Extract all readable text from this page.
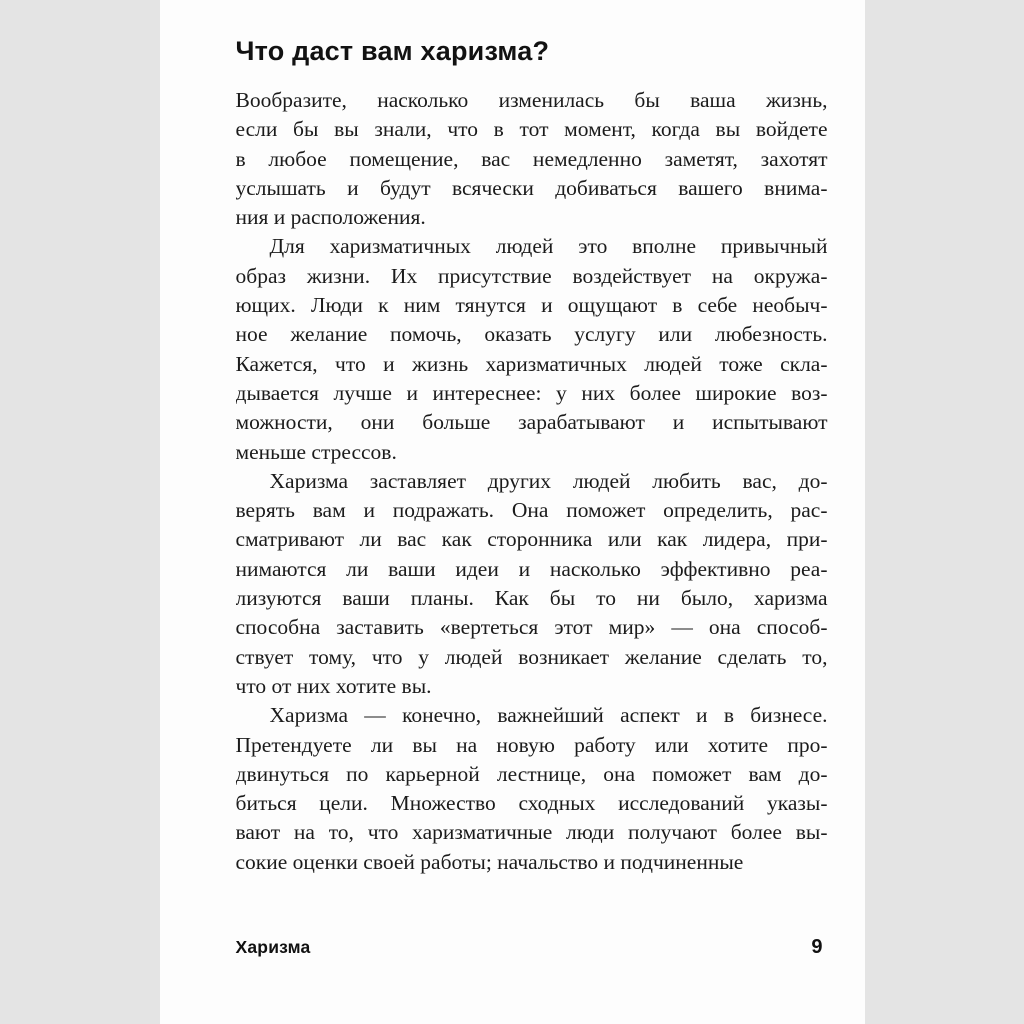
Что даст вам харизма?
Вообразите, насколько изменилась бы ваша жизнь,
если бы вы знали, что в тот момент, когда вы войдете
в любое помещение, вас немедленно заметят, захотят
услышать и будут всячески добиваться вашего внима-
ния и расположения.
Для харизматичных людей это вполне привычный
образ жизни. Их присутствие воздействует на окружа-
ющих. Люди к ним тянутся и ощущают в себе необыч-
ное желание помочь, оказать услугу или любезность.
Кажется, что и жизнь харизматичных людей тоже скла-
дывается лучше и интереснее: у них более широкие воз-
можности, они больше зарабатывают и испытывают
меньше стрессов.
Харизма заставляет других людей любить вас, до-
верять вам и подражать. Она поможет определить, рас-
сматривают ли вас как сторонника или как лидера, при-
нимаются ли ваши идеи и насколько эффективно реа-
лизуются ваши планы. Как бы то ни было, харизма
способна заставить «вертеться этот мир» — она способ-
ствует тому, что у людей возникает желание сделать то,
что от них хотите вы.
Харизма — конечно, важнейший аспект и в бизнесе.
Претендуете ли вы на новую работу или хотите про-
двинуться по карьерной лестнице, она поможет вам до-
биться цели. Множество сходных исследований указы-
вают на то, что харизматичные люди получают более вы-
сокие оценки своей работы; начальство и подчиненные
Харизма	9
